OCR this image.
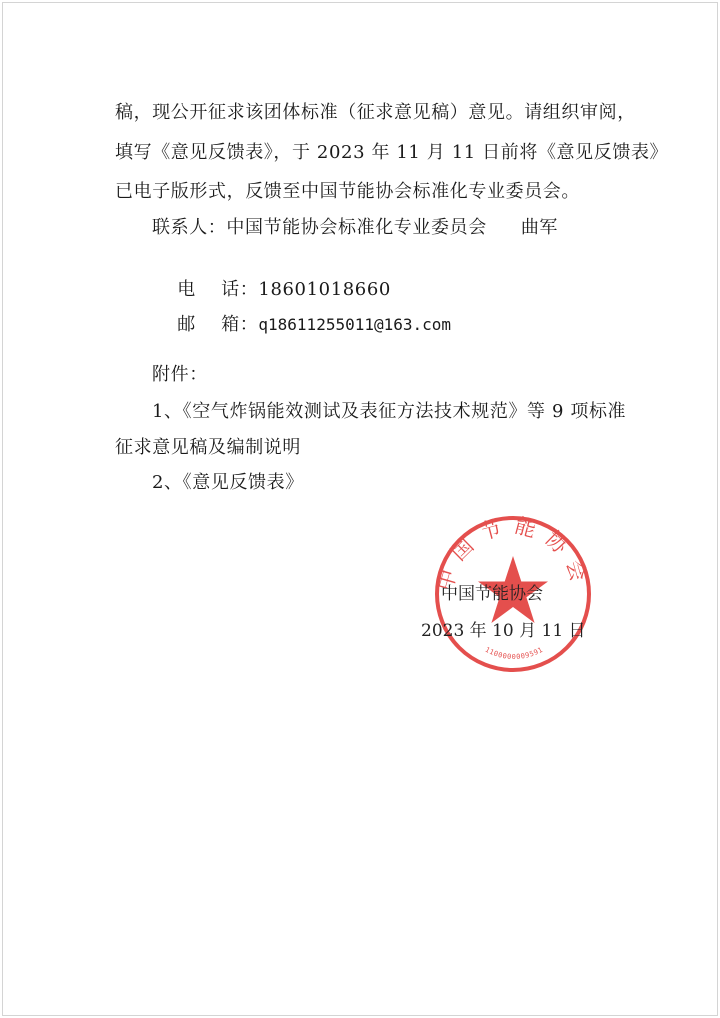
稿，现公开征求该团体标准（征求意见稿）意见。请组织审阅，
填写《意见反馈表》，于 2023 年 11 月 11 日前将《意见反馈表》
已电子版形式，反馈至中国节能协会标准化专业委员会。
联系人：中国节能协会标准化专业委员会 曲军

电    话：18601018660

邮    箱：q18611255011@163.com

附件：
1、《空气炸锅能效测试及表征方法技术规范》等 9 项标准
征求意见稿及编制说明
2、《意见反馈表》
中国节能协会
1100000009591
中国节能协会
2023 年 10 月 11 日
